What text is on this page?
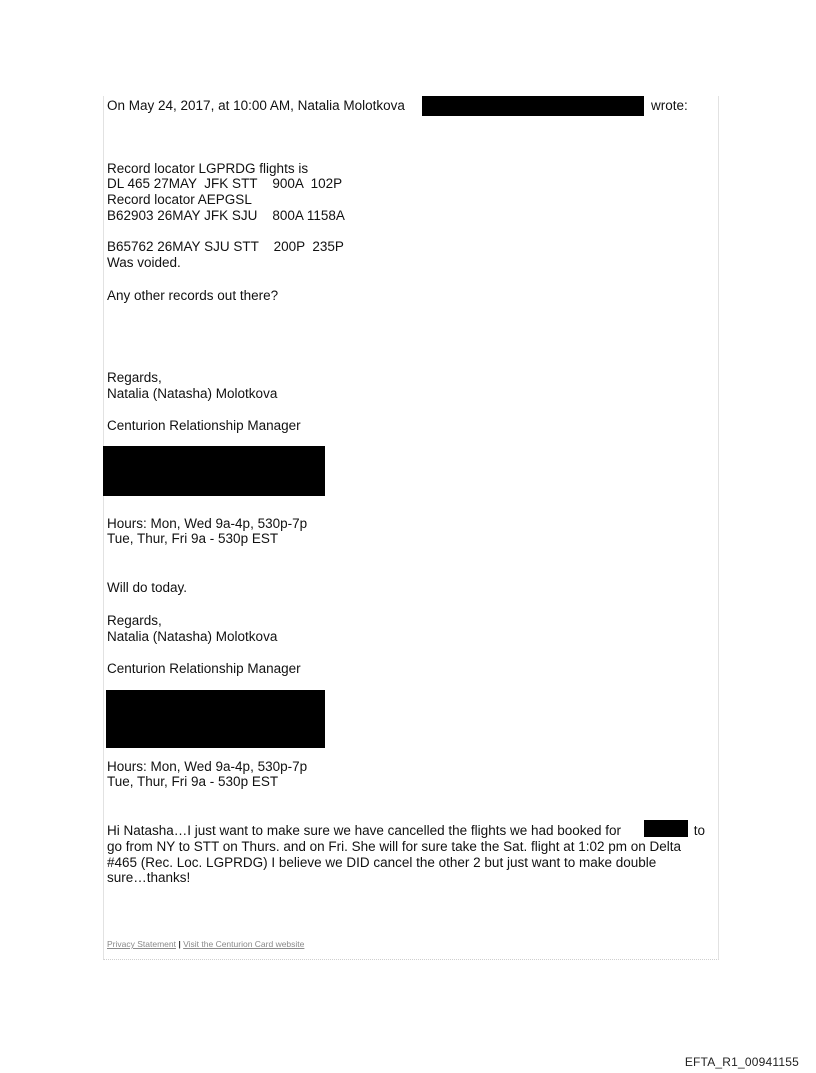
On May 24, 2017, at 10:00 AM, Natalia Molotkova	wrote:
Record locator LGPRDG flights is
DL 465 27MAY  JFK STT    900A  102P
Record locator AEPGSL
B62903 26MAY JFK SJU    800A 1158A
B65762 26MAY SJU STT    200P  235P
Was voided.
Any other records out there?
Regards,
Natalia (Natasha) Molotkova
Centurion Relationship Manager
Hours: Mon, Wed 9a-4p, 530p-7p
Tue, Thur, Fri 9a - 530p EST
Will do today.
Regards,
Natalia (Natasha) Molotkova
Centurion Relationship Manager
Hours: Mon, Wed 9a-4p, 530p-7p
Tue, Thur, Fri 9a - 530p EST
Hi Natasha…I just want to make sure we have cancelled the flights we had booked for	to
go from NY to STT on Thurs. and on Fri. She will for sure take the Sat. flight at 1:02 pm on Delta
#465 (Rec. Loc. LGPRDG) I believe we DID cancel the other 2 but just want to make double
sure…thanks!
Privacy Statement | Visit the Centurion Card website
EFTA_R1_00941155
